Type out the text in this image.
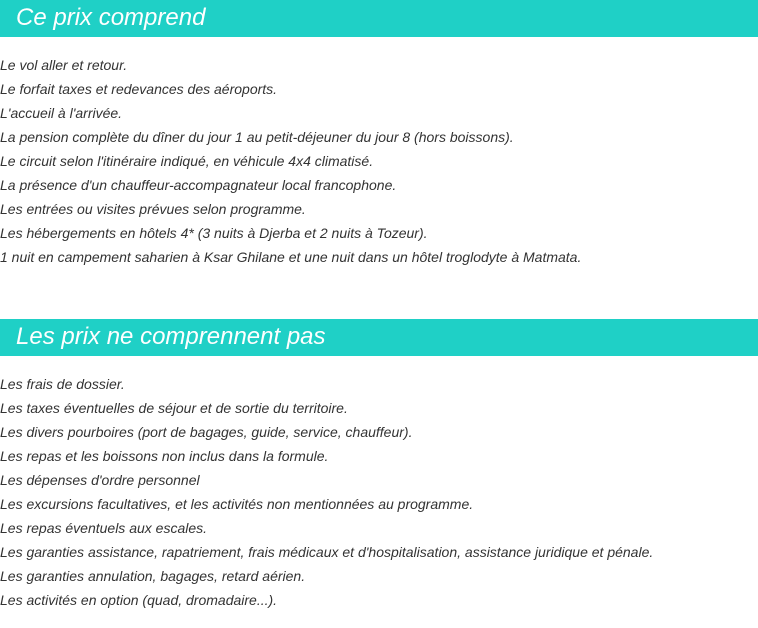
Ce prix comprend
Le vol aller et retour.
Le forfait taxes et redevances des aéroports.
L'accueil à l'arrivée.
La pension complète du dîner du jour 1 au petit-déjeuner du jour 8 (hors boissons).
Le circuit selon l'itinéraire indiqué, en véhicule 4x4 climatisé.
La présence d'un chauffeur-accompagnateur local francophone.
Les entrées ou visites prévues selon programme.
Les hébergements en hôtels 4* (3 nuits à Djerba et 2 nuits à Tozeur).
1 nuit en campement saharien à Ksar Ghilane et une nuit dans un hôtel troglodyte à Matmata.
Les prix ne comprennent pas
Les frais de dossier.
Les taxes éventuelles de séjour et de sortie du territoire.
Les divers pourboires (port de bagages, guide, service, chauffeur).
Les repas et les boissons non inclus dans la formule.
Les dépenses d'ordre personnel
Les excursions facultatives, et les activités non mentionnées au programme.
Les repas éventuels aux escales.
Les garanties assistance, rapatriement, frais médicaux et d'hospitalisation, assistance juridique et pénale.
Les garanties annulation, bagages, retard aérien.
Les activités en option (quad, dromadaire...).
